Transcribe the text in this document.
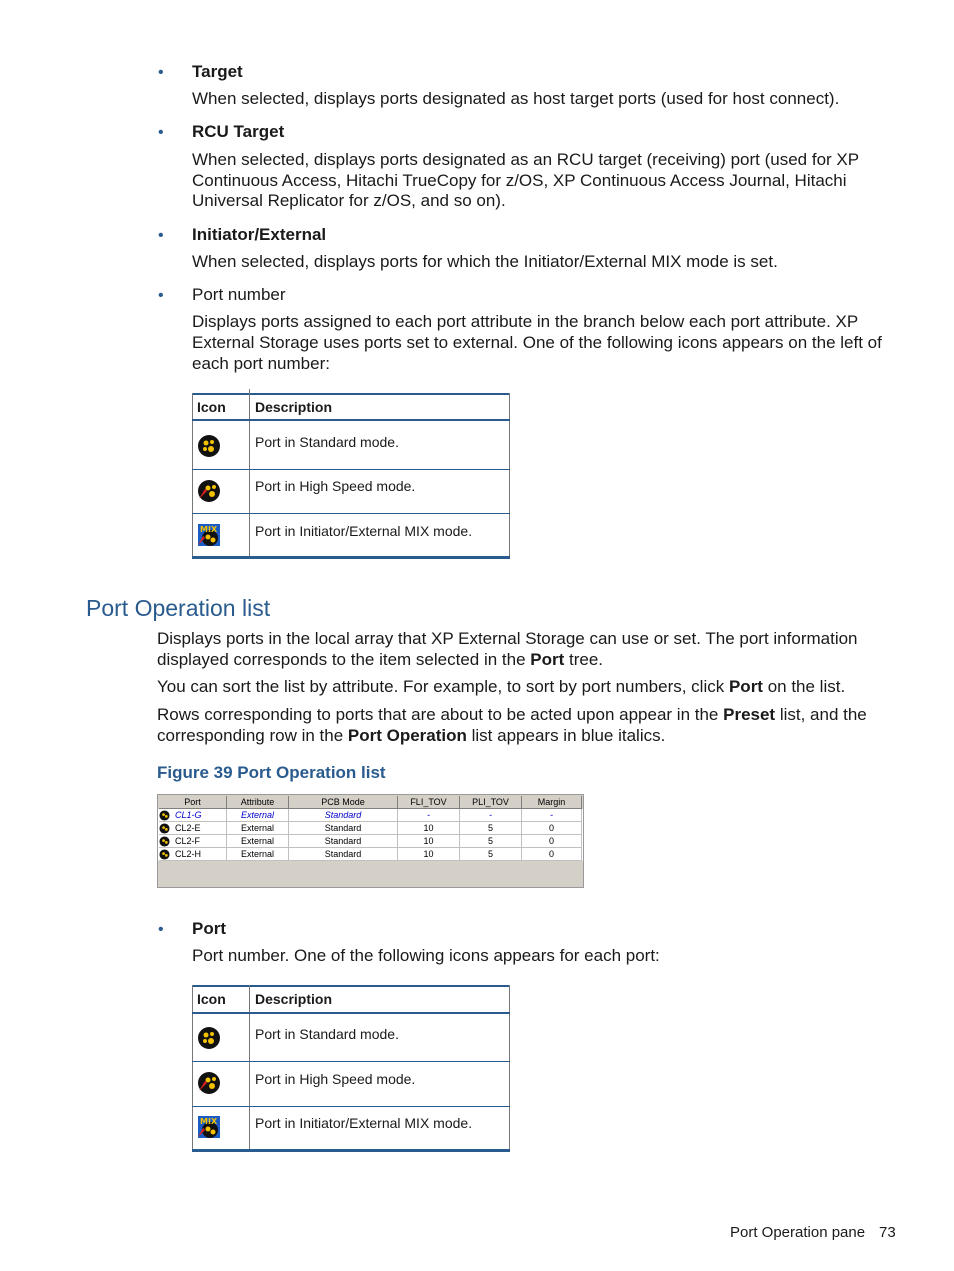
• Target
When selected, displays ports designated as host target ports (used for host connect).
• RCU Target
When selected, displays ports designated as an RCU target (receiving) port (used for XP
Continuous Access, Hitachi TrueCopy for z/OS, XP Continuous Access Journal, Hitachi
Universal Replicator for z/OS, and so on).
• Initiator/External
When selected, displays ports for which the Initiator/External MIX mode is set.
• Port number
Displays ports assigned to each port attribute in the branch below each port attribute. XP
External Storage uses ports set to external. One of the following icons appears on the left of
each port number:
Icon Description
Port in Standard mode.
Port in High Speed mode.
MIX	Port in Initiator/External MIX mode.
Port Operation list
Displays ports in the local array that XP External Storage can use or set. The port information
displayed corresponds to the item selected in the Port tree.
You can sort the list by attribute. For example, to sort by port numbers, click Port on the list.
Rows corresponding to ports that are about to be acted upon appear in the Preset list, and the
corresponding row in the Port Operation list appears in blue italics.
Figure 39 Port Operation list
Port	Attribute	PCB Mode	FLI_TOV	PLI_TOV	Margin
CL1-G	External	Standard	-	-	-
CL2-E	External	Standard	10	5	0
CL2-F	External	Standard	10	5	0
CL2-H	External	Standard	10	5	0
• Port
Port number. One of the following icons appears for each port:
Icon Description
Port in Standard mode.
Port in High Speed mode.
MIX	Port in Initiator/External MIX mode.
Port Operation pane 73
